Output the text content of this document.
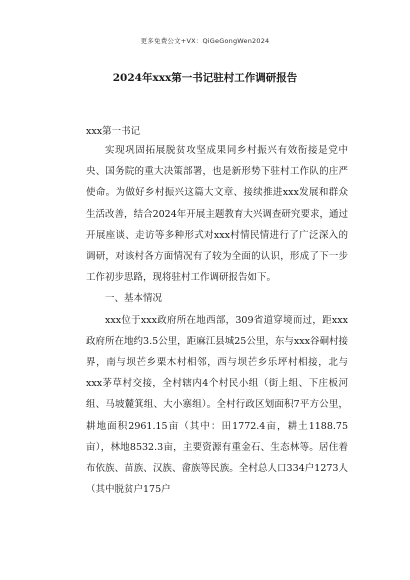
更多免费公文+VX：QiGeGongWen2024
2024年xxx第一书记驻村工作调研报告
xxx第一书记

实现巩固拓展脱贫攻坚成果同乡村振兴有效衔接是党中央、国务院的重大决策部署，也是新形势下驻村工作队的庄严使命。为做好乡村振兴这篇大文章、接续推进xxx发展和群众生活改善，结合2024年开展主题教育大兴调查研究要求，通过开展座谈、走访等多种形式对xxx村情民情进行了广泛深入的调研，对该村各方面情况有了较为全面的认识，形成了下一步工作初步思路，现将驻村工作调研报告如下。

一、基本情况

xxx位于xxx政府所在地西部，309省道穿境而过，距xxx政府所在地约3.5公里，距麻江县城25公里，东与xxx谷硐村接界，南与坝芒乡栗木村相邻，西与坝芒乡乐坪村相接，北与xxx茅草村交接，全村辖内4个村民小组（街上组、下庄板河组、马坡麓箕组、大小寨组）。全村行政区划面积7平方公里，耕地面积2961.15亩（其中：田1772.4亩，耕土1188.75亩），林地8532.3亩，主要资源有重金石、生态林等。居住着布依族、苗族、汉族、畲族等民族。全村总人口334户1273人（其中脱贫户175户
